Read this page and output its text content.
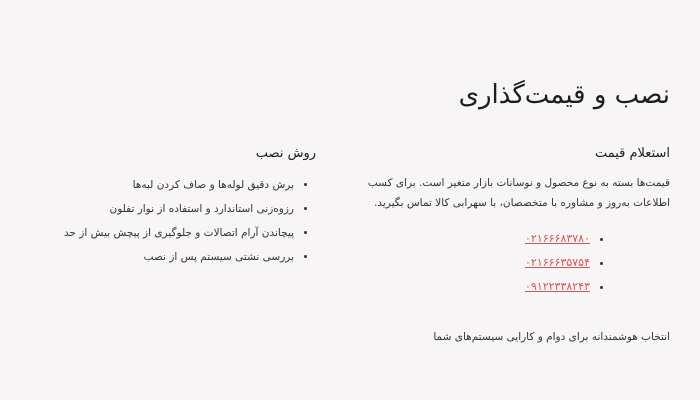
نصب و قیمت‌گذاری
استعلام قیمت

قیمت‌ها بسته به نوع محصول و نوسانات بازار متغیر است. برای کسب اطلاعات به‌روز و مشاوره با متخصصان، با سهرابی کالا تماس بگیرید.

• ۰۲۱۶۶۶۸۳۷۸۰
• ۰۲۱۶۶۶۳۵۷۵۴
• ۰۹۱۲۲۳۳۸۲۴۳
روش نصب
• برش دقیق لوله‌ها و صاف کردن لبه‌ها
• رزوه‌زنی استاندارد و استفاده از نوار تفلون
• پیچاندن آرام اتصالات و جلوگیری از پیچش بیش از حد
• بررسی نشتی سیستم پس از نصب

انتخاب هوشمندانه برای دوام و کارایی سیستم‌های شما
